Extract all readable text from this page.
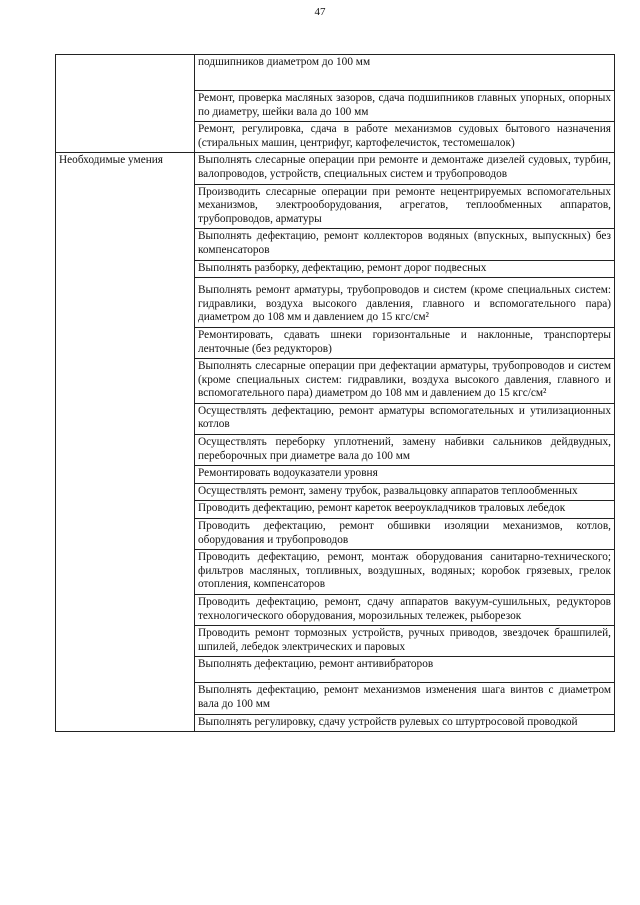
47
	подшипников диаметром до 100 мм
	Ремонт, проверка масляных зазоров, сдача подшипников главных упорных, опорных по диаметру, шейки вала до 100 мм
	Ремонт, регулировка, сдача в работе механизмов судовых бытового назначения (стиральных машин, центрифуг, картофелечисток, тестомешалок)
Необходимые умения	Выполнять слесарные операции при ремонте и демонтаже дизелей судовых, турбин, валопроводов, устройств, специальных систем и трубопроводов
	Производить слесарные операции при ремонте нецентрируемых вспомогательных механизмов, электрооборудования, агрегатов, теплообменных аппаратов, трубопроводов, арматуры
	Выполнять дефектацию, ремонт коллекторов водяных (впускных, выпускных) без компенсаторов
	Выполнять разборку, дефектацию, ремонт дорог подвесных
	Выполнять ремонт арматуры, трубопроводов и систем (кроме специальных систем: гидравлики, воздуха высокого давления, главного и вспомогательного пара) диаметром до 108 мм и давлением до 15 кгс/см²
	Ремонтировать, сдавать шнеки горизонтальные и наклонные, транспортеры ленточные (без редукторов)
	Выполнять слесарные операции при дефектации арматуры, трубопроводов и систем (кроме специальных систем: гидравлики, воздуха высокого давления, главного и вспомогательного пара) диаметром до 108 мм и давлением до 15 кгс/см²
	Осуществлять дефектацию, ремонт арматуры вспомогательных и утилизационных котлов
	Осуществлять переборку уплотнений, замену набивки сальников дейдвудных, переборочных при диаметре вала до 100 мм
	Ремонтировать водоуказатели уровня
	Осуществлять ремонт, замену трубок, развальцовку аппаратов теплообменных
	Проводить дефектацию, ремонт кареток веероукладчиков траловых лебедок
	Проводить дефектацию, ремонт обшивки изоляции механизмов, котлов, оборудования и трубопроводов
	Проводить дефектацию, ремонт, монтаж оборудования санитарно-технического; фильтров масляных, топливных, воздушных, водяных; коробок грязевых, грелок отопления, компенсаторов
	Проводить дефектацию, ремонт, сдачу аппаратов вакуум-сушильных, редукторов технологического оборудования, морозильных тележек, рыборезок
	Проводить ремонт тормозных устройств, ручных приводов, звездочек брашпилей, шпилей, лебедок электрических и паровых
	Выполнять дефектацию, ремонт антивибраторов
	Выполнять дефектацию, ремонт механизмов изменения шага винтов с диаметром вала до 100 мм
	Выполнять регулировку, сдачу устройств рулевых со штуртросовой проводкой
